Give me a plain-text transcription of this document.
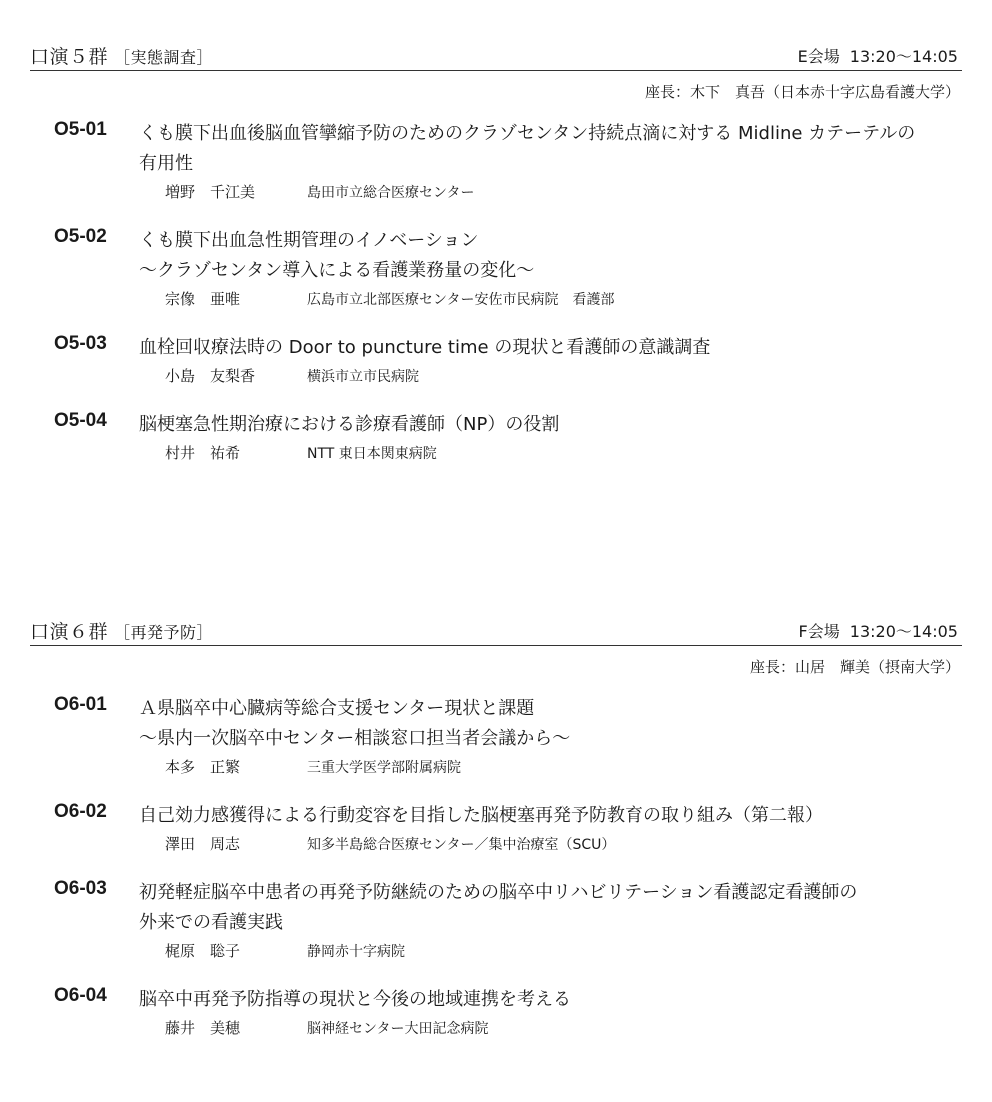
口演５群 ［実態調査］	E会場 13:20〜14:05
座長：木下　真吾（日本赤十字広島看護大学）
O5-01 くも膜下出血後脳血管攣縮予防のためのクラゾセンタン持続点滴に対する Midline カテーテルの
有用性
増野　千江美	島田市立総合医療センター
O5-02 くも膜下出血急性期管理のイノベーション
〜クラゾセンタン導入による看護業務量の変化〜
宗像　亜唯	広島市立北部医療センター安佐市民病院　看護部
O5-03 血栓回収療法時の Door to puncture time の現状と看護師の意識調査
小島　友梨香	横浜市立市民病院
O5-04 脳梗塞急性期治療における診療看護師（NP）の役割
村井　祐希	NTT 東日本関東病院
口演６群 ［再発予防］	F会場 13:20〜14:05
座長：山居　輝美（摂南大学）
O6-01 Ａ県脳卒中心臓病等総合支援センター現状と課題
〜県内一次脳卒中センター相談窓口担当者会議から〜
本多　正繁	三重大学医学部附属病院
O6-02 自己効力感獲得による行動変容を目指した脳梗塞再発予防教育の取り組み（第二報）
澤田　周志	知多半島総合医療センター／集中治療室（SCU）
O6-03 初発軽症脳卒中患者の再発予防継続のための脳卒中リハビリテーション看護認定看護師の
外来での看護実践
梶原　聡子	静岡赤十字病院
O6-04 脳卒中再発予防指導の現状と今後の地域連携を考える
藤井　美穂	脳神経センター大田記念病院
